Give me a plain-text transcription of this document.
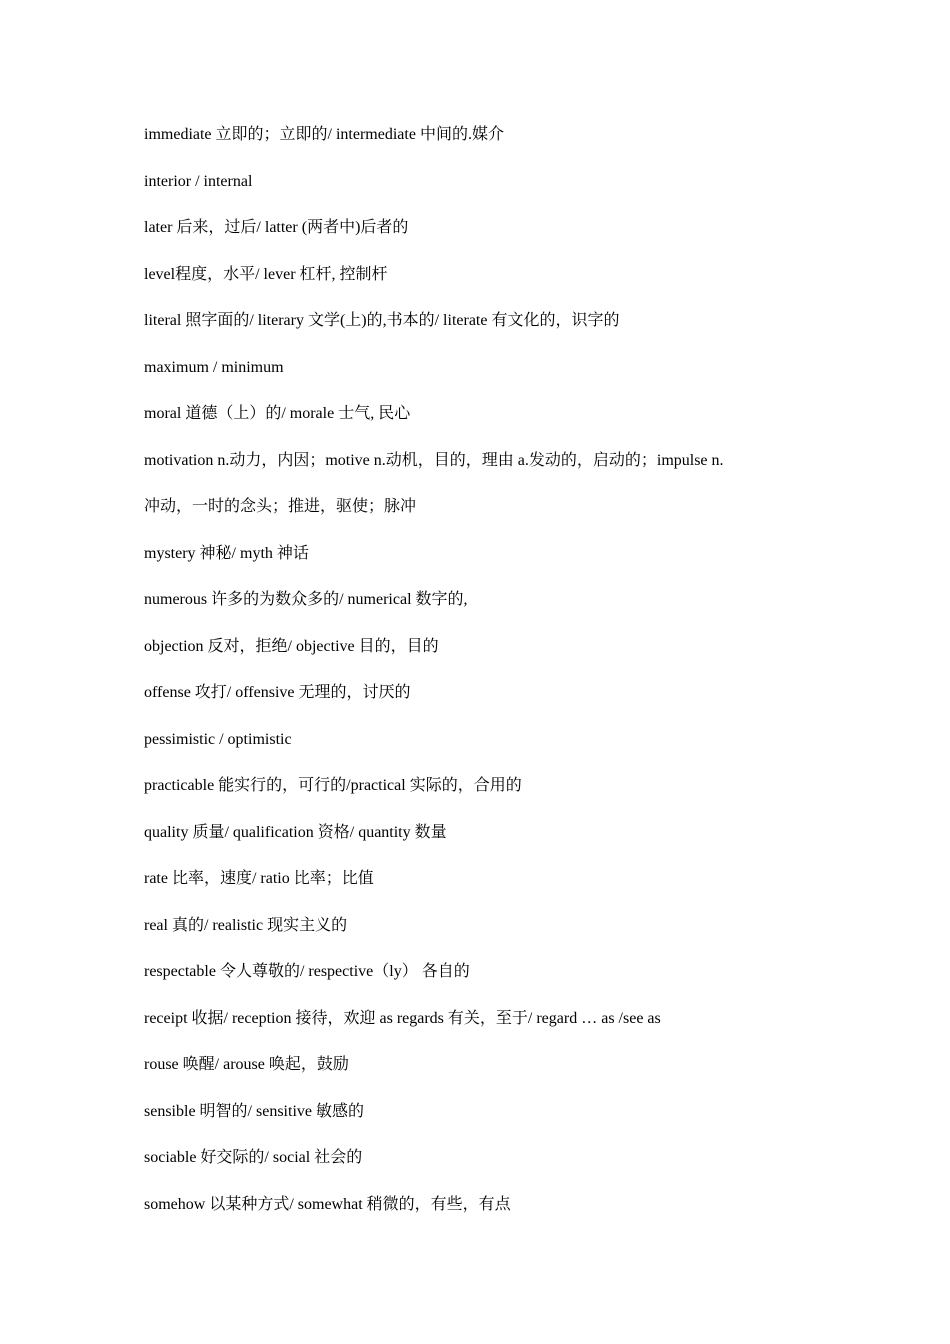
immediate 立即的；立即的/ intermediate 中间的.媒介
interior / internal
later 后来，过后/ latter (两者中)后者的
level程度，水平/ lever 杠杆, 控制杆
literal 照字面的/ literary 文学(上)的,书本的/ literate 有文化的，识字的
maximum / minimum
moral 道德（上）的/ morale 士气, 民心
motivation n.动力，内因；motive n.动机，目的，理由 a.发动的，启动的；impulse n.
冲动，一时的念头；推进，驱使；脉冲
mystery 神秘/ myth 神话
numerous 许多的为数众多的/ numerical 数字的,
objection 反对，拒绝/ objective 目的，目的
offense 攻打/ offensive 无理的，讨厌的
pessimistic / optimistic
practicable 能实行的，可行的/practical 实际的，合用的
quality 质量/ qualification 资格/ quantity 数量
rate 比率，速度/ ratio 比率；比值
real 真的/ realistic 现实主义的
respectable 令人尊敬的/ respective（ly） 各自的
receipt 收据/ reception 接待，欢迎 as regards 有关，至于/ regard … as /see as
rouse 唤醒/ arouse 唤起，鼓励
sensible 明智的/ sensitive 敏感的
sociable 好交际的/ social 社会的
somehow 以某种方式/ somewhat 稍微的，有些，有点
